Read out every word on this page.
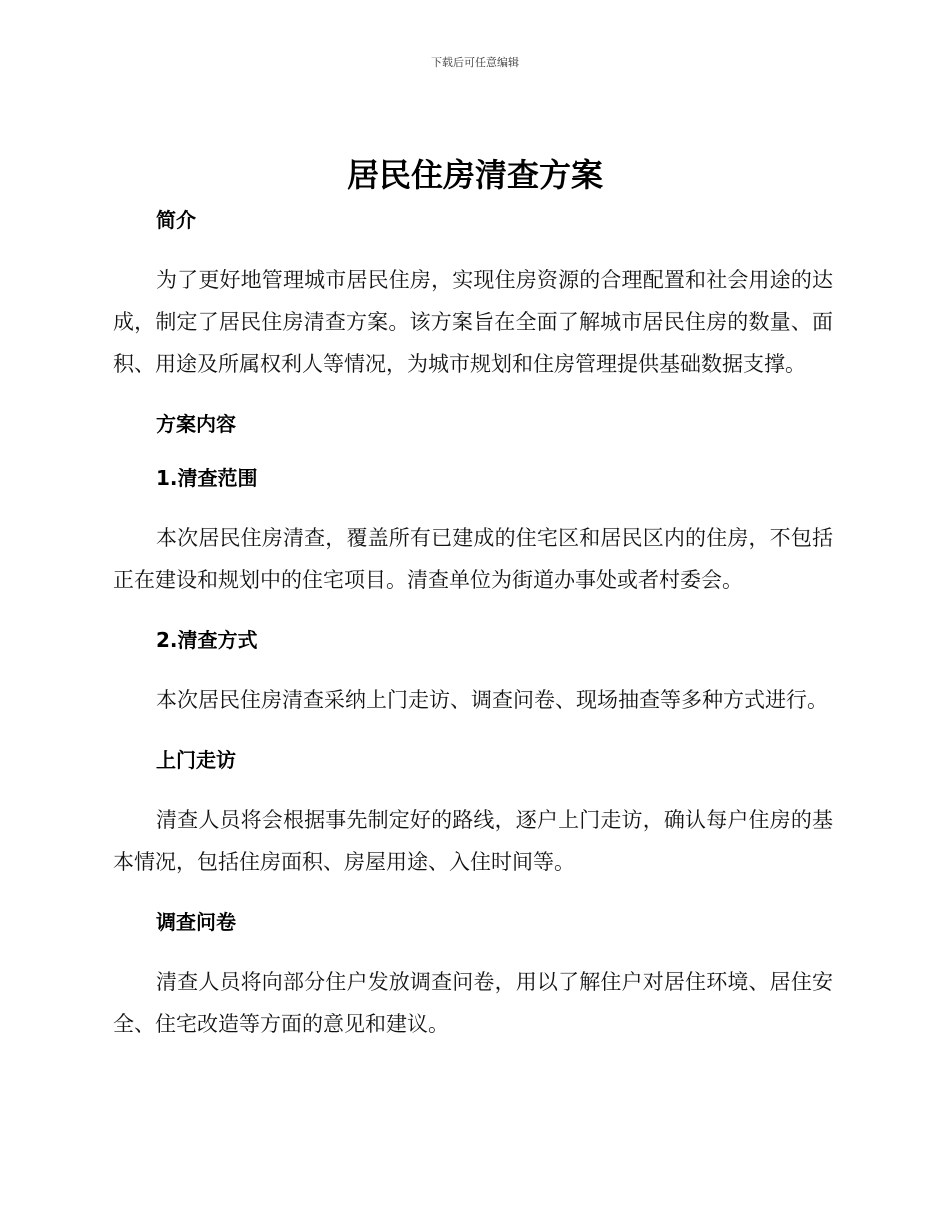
下载后可任意编辑
居民住房清查方案
简介

为了更好地管理城市居民住房，实现住房资源的合理配置和社会用途的达成，制定了居民住房清查方案。该方案旨在全面了解城市居民住房的数量、面积、用途及所属权利人等情况，为城市规划和住房管理提供基础数据支撑。

方案内容
1.清查范围

本次居民住房清查，覆盖所有已建成的住宅区和居民区内的住房，不包括正在建设和规划中的住宅项目。清查单位为街道办事处或者村委会。

2.清查方式

本次居民住房清查采纳上门走访、调查问卷、现场抽查等多种方式进行。

上门走访

清查人员将会根据事先制定好的路线，逐户上门走访，确认每户住房的基本情况，包括住房面积、房屋用途、入住时间等。

调查问卷

清查人员将向部分住户发放调查问卷，用以了解住户对居住环境、居住安全、住宅改造等方面的意见和建议。
